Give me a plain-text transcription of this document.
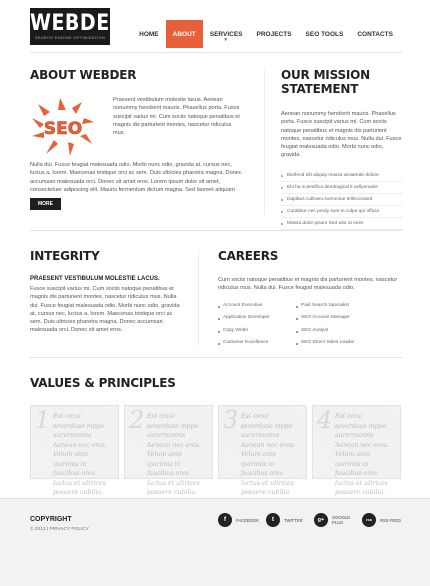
WEBDER
SEARCH ENGINE OPTIMIZATION	HOME	ABOUT	SERVICES
▼
PROJECTS	SEO TOOLS	CONTACTS
ABOUT WEBDER
SEO

Praesent vestibulum molestie lacus. Aenean nonummy hendrerit mauris. Phasellus porta. Fusce suscipit varius mi. Cum sociis natoque penatibus et magnis dis parturient montes, nascetur ridiculus mus.

Nulla dui. Fusce feugiat malesuada odio. Morbi nunc odio, gravida at, cursus nec, luctus a, lorem. Maecenas tristique orci ac sem. Duis ultricies pharetra magna. Donec accumsan malesuada orci. Donec sit amet eros. Lorem ipsum dolor sit amet, consectetuer adipiscing elit. Mauris fermentum dictum magna. Sed laoreet aliquam

MORE
OUR MISSION STATEMENT

Aenean nonummy hendrerit mauris. Phasellus porta. Fusce suscipit varius mi. Cum sociis natoque penatibus et magnis dis parturient montes, nascetur ridiculus mus. Nulla dui. Fusce feugiat malesuada odio. Morbi nunc odio, gravida.

Eleifend elit aliquip massa wisiarede dolore
Ehi ha scientifica dembogical it vellyenuele
Dapibus cultraeu exeroctue tellecocasrd
Curabitur nec pordy sunt in culpa qui officia
Massa dolor ipsum Sed wisi ut enim
INTEGRITY
PRAESENT VESTIBULUM MOLESTIE LACUS.

Fusce suscipit varius mi. Cum sociis natoque penatibus et magnis dis parturient montes, nascetur ridiculus mus. Nulla dui. Fusce feugiat malesuada odio. Morbi nunc odio, gravida at, cursus nec, luctus a, lorem. Maecenas tristique orci ac sem. Duis ultricies pharetra magna. Donec accumsan malesuada orci. Donec sit amet eros.

CAREERS

Cum sociis natoque penatibus et magnis dis parturient montes, nascetur ridiculus mus. Nulla dui. Fusce feugiat malesuada odio.

Account Executive
Application Developer
Copy Writer
Customer Excellence
Paid Search Specialist
SEO Account Manager
SEO Analyst
SEO Direct Sales Leader
VALUES & PRINCIPLES
1.

Est omul severduse mppo aurernunms Aenean nec eros. Velum ante iparimis in faucibus ores luctus et ultrices posuere cubilia.

2.

Est omul severduse mppo aurernunms Aenean nec eros. Velum ante iparimis in faucibus ores luctus et ultrices posuere cubilia.

3.

Est omul severduse mppo aurernunms Aenean nec eros. Velum ante iparimis in faucibus ores luctus et ultrices posuere cubilia.

4.

Est omul severduse mppo aurernunms Aenean nec eros. Velum ante iparimis in faucibus ores luctus et ultrices posuere cubilia.

COPYRIGHT
© 2013 | PRIVACY POLICY
f	FACEBOOK	t	TWITTER	g+	GOOGLE PLUS
rss	RSS FEED
